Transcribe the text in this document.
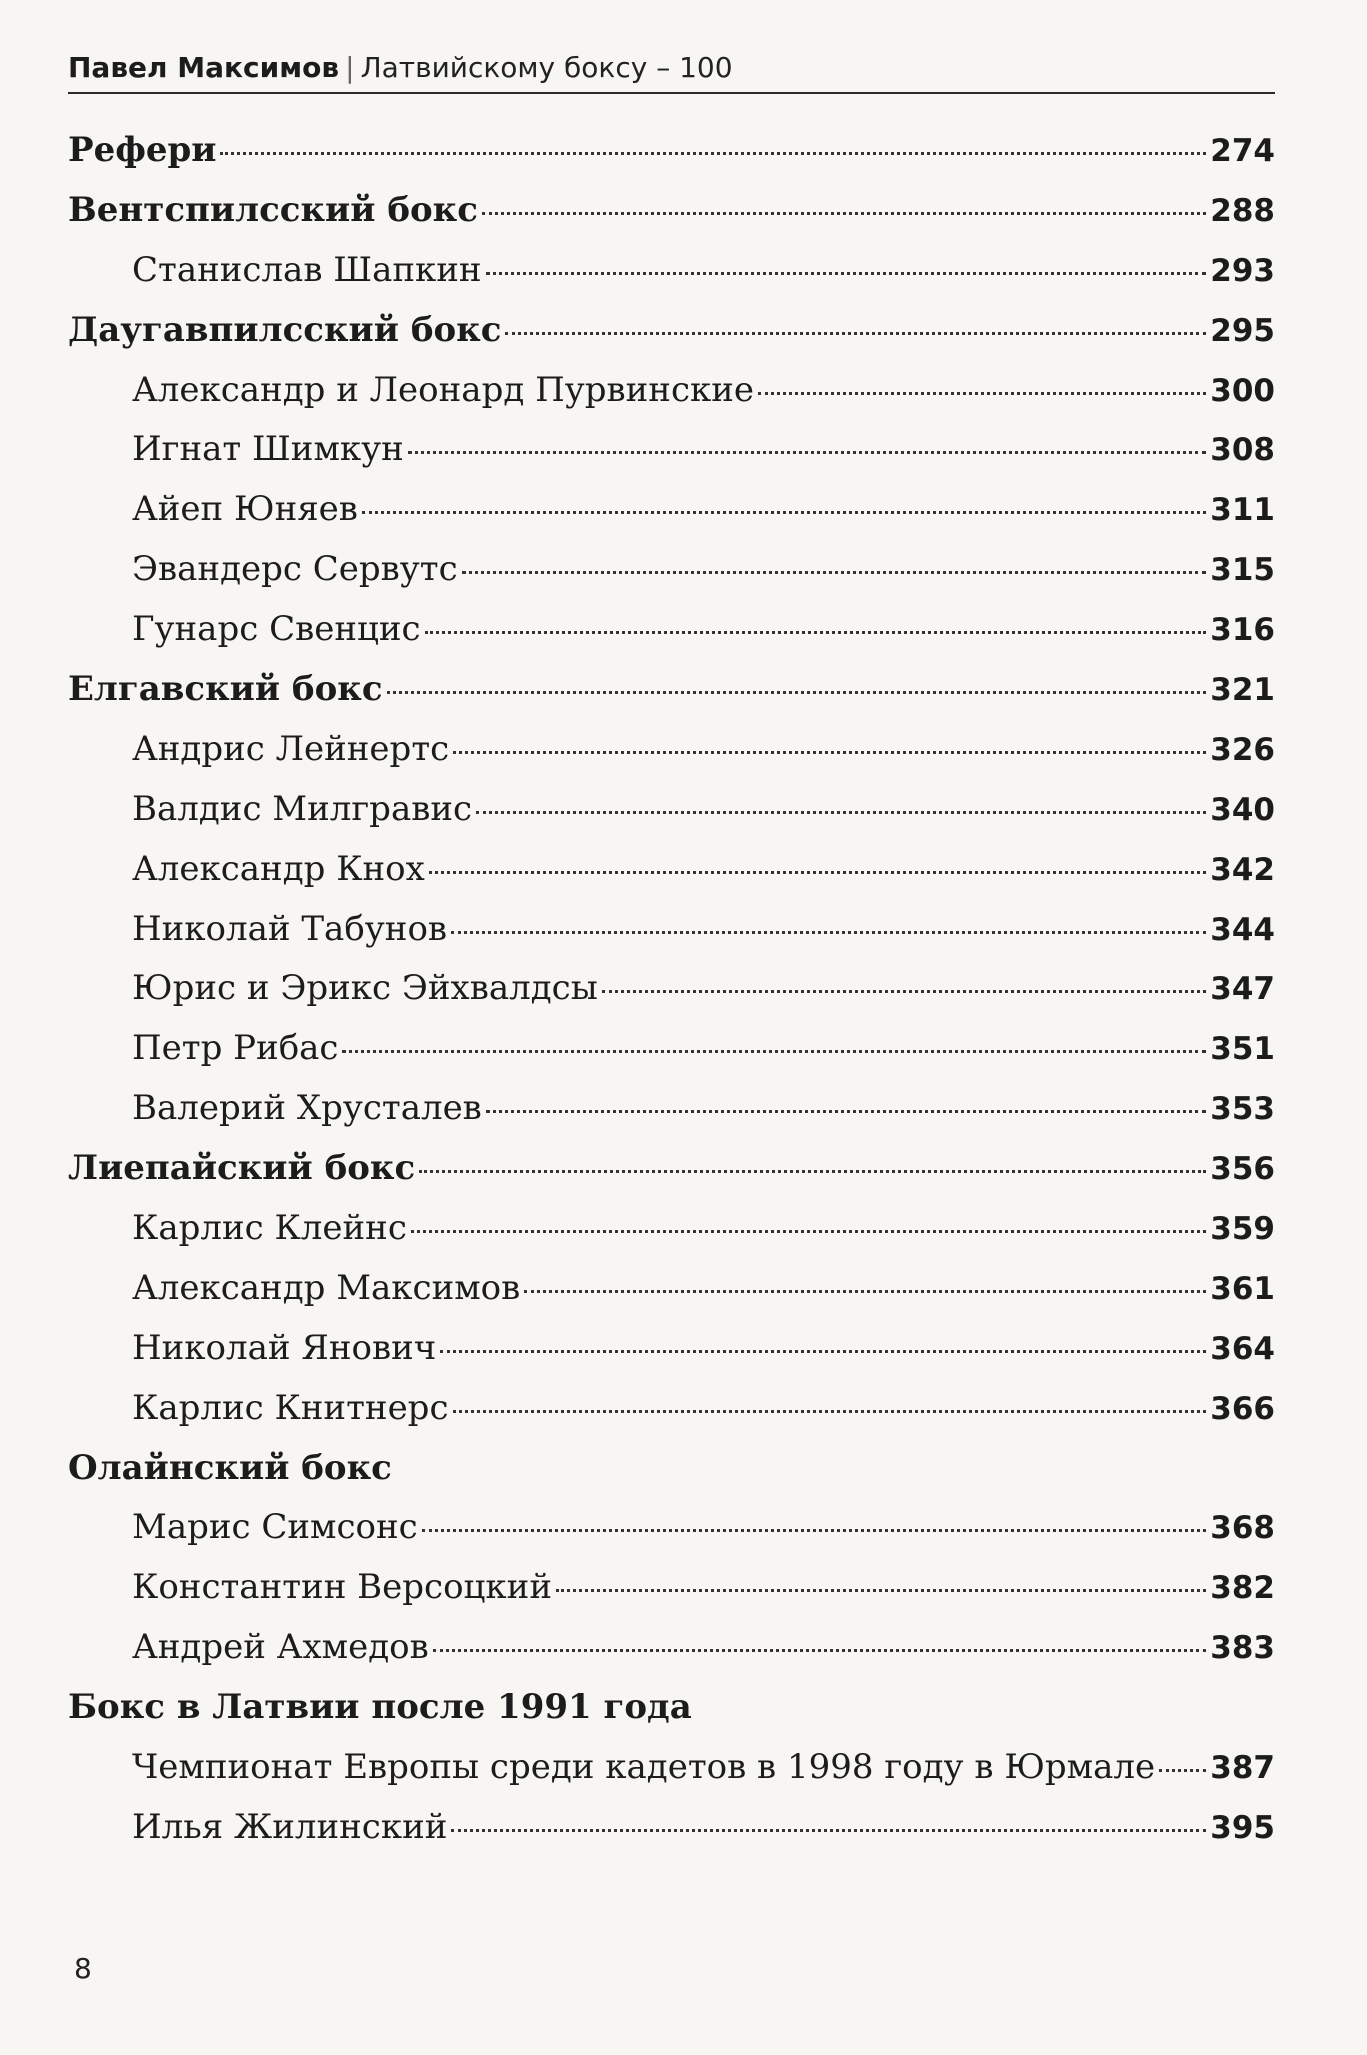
Павел Максимов | Латвийскому боксу – 100
Рефери	274
Вентспилсский бокс	288
Станислав Шапкин	293
Даугавпилсский бокс	295
Александр и Леонард Пурвинские	300
Игнат Шимкун	308
Айеп Юняев	311
Эвандерс Сервутс	315
Гунарс Свенцис	316
Елгавский бокс	321
Андрис Лейнертс	326
Валдис Милгравис	340
Александр Кнох	342
Николай Табунов	344
Юрис и Эрикс Эйхвалдсы	347
Петр Рибас	351
Валерий Хрусталев	353
Лиепайский бокс	356
Карлис Клейнс	359
Александр Максимов	361
Николай Янович	364
Карлис Книтнерс	366
Олайнский бокс
Марис Симсонс	368
Константин Версоцкий	382
Андрей Ахмедов	383
Бокс в Латвии после 1991 года
Чемпионат Европы среди кадетов в 1998 году в Юрмале 387
Илья Жилинский	395
8
